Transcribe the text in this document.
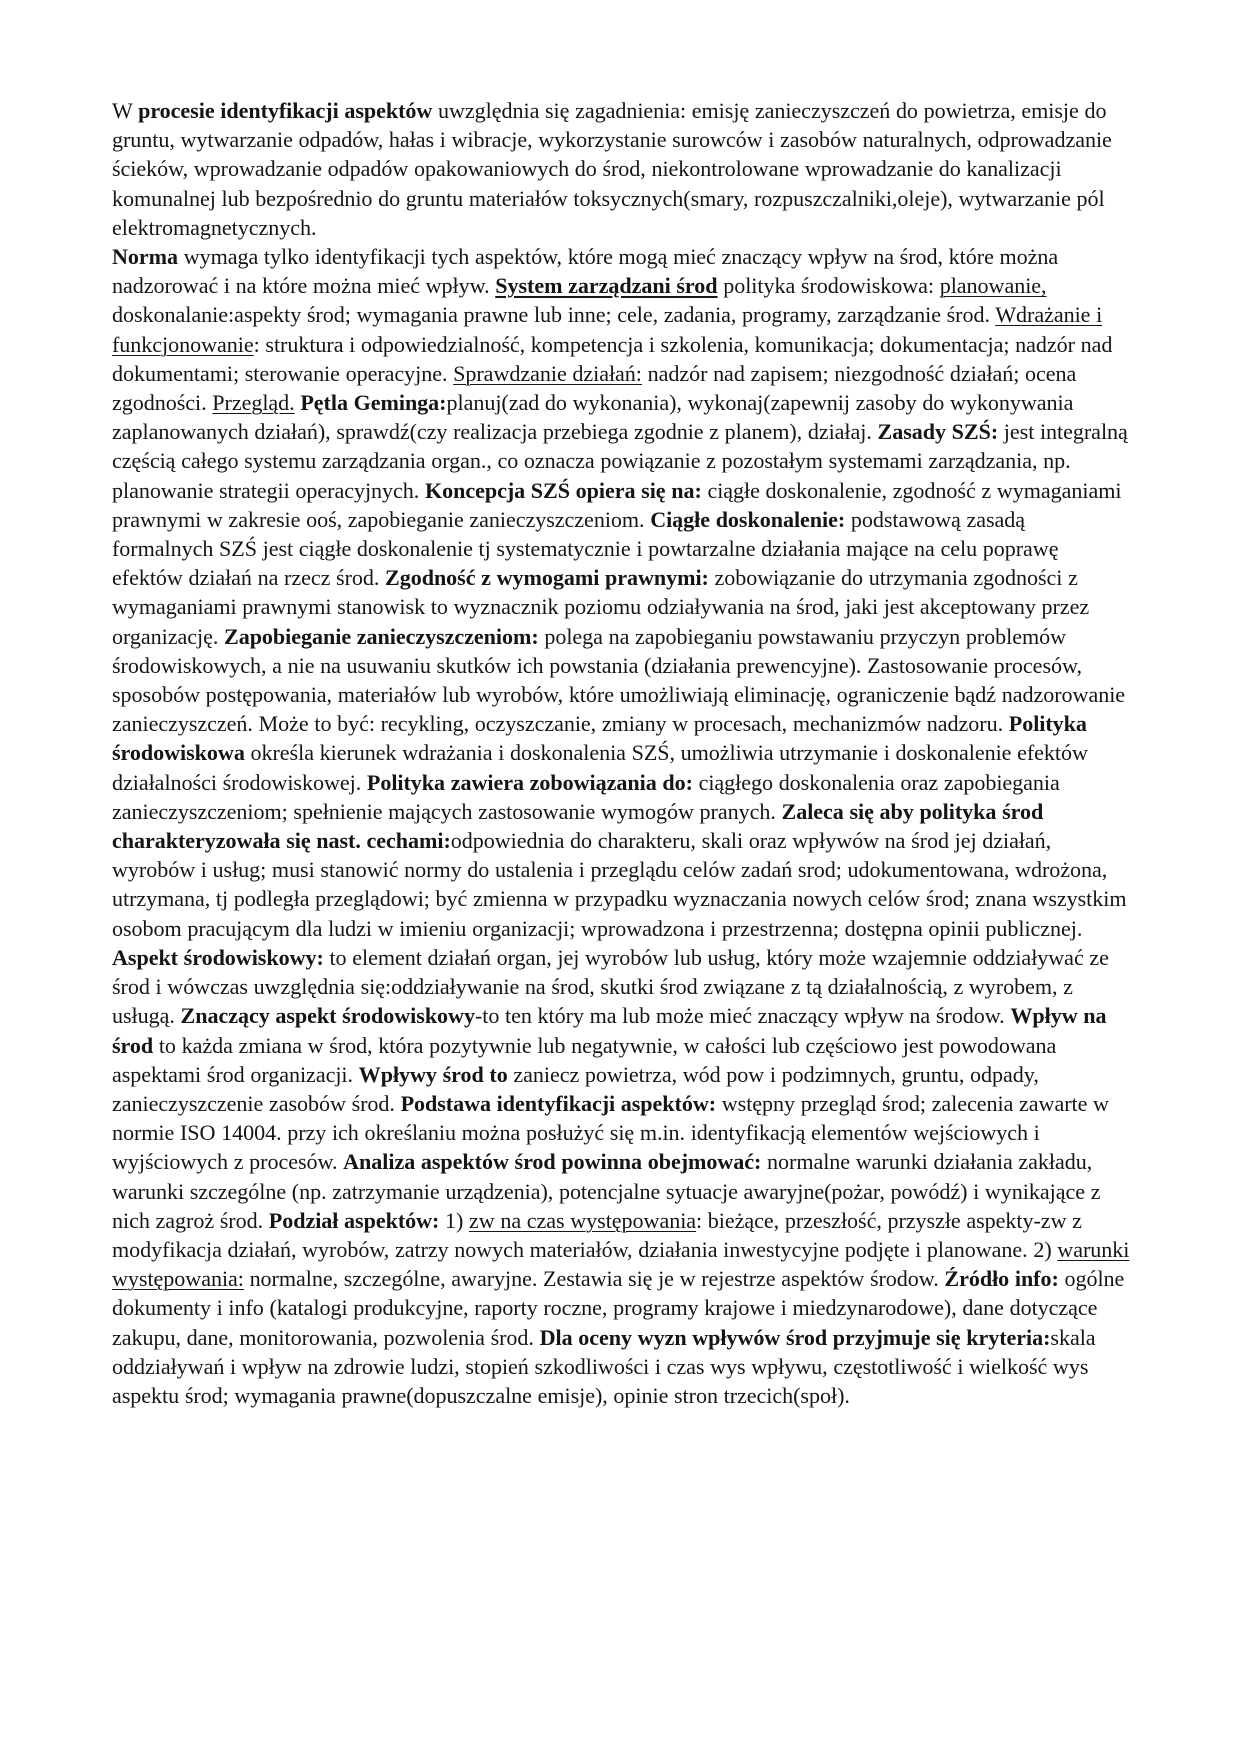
W procesie identyfikacji aspektów uwzględnia się zagadnienia: emisję zanieczyszczeń do powietrza, emisje do gruntu, wytwarzanie odpadów, hałas i wibracje, wykorzystanie surowców i zasobów naturalnych, odprowadzanie ścieków, wprowadzanie odpadów opakowaniowych do środ, niekontrolowane wprowadzanie do kanalizacji komunalnej lub bezpośrednio do gruntu materiałów toksycznych(smary, rozpuszczalniki,oleje), wytwarzanie pól elektromagnetycznych.

Norma wymaga tylko identyfikacji tych aspektów, które mogą mieć znaczący wpływ na środ, które można nadzorować i na które można mieć wpływ. System zarządzani środ polityka środowiskowa: planowanie, doskonalanie:aspekty środ; wymagania prawne lub inne; cele, zadania, programy, zarządzanie środ. Wdrażanie i funkcjonowanie: struktura i odpowiedzialność, kompetencja i szkolenia, komunikacja; dokumentacja; nadzór nad dokumentami; sterowanie operacyjne. Sprawdzanie działań: nadzór nad zapisem; niezgodność działań; ocena zgodności. Przegląd. Pętla Geminga:planuj(zad do wykonania), wykonaj(zapewnij zasoby do wykonywania zaplanowanych działań), sprawdź(czy realizacja przebiega zgodnie z planem), działaj. Zasady SZŚ: jest integralną częścią całego systemu zarządzania organ., co oznacza powiązanie z pozostałym systemami zarządzania, np. planowanie strategii operacyjnych. Koncepcja SZŚ opiera się na: ciągłe doskonalenie, zgodność z wymaganiami prawnymi w zakresie ooś, zapobieganie zanieczyszczeniom. Ciągłe doskonalenie: podstawową zasadą formalnych SZŚ jest ciągłe doskonalenie tj systematycznie i powtarzalne działania mające na celu poprawę efektów działań na rzecz środ. Zgodność z wymogami prawnymi: zobowiązanie do utrzymania zgodności z wymaganiami prawnymi stanowisk to wyznacznik poziomu odziaływania na środ, jaki jest akceptowany przez organizację. Zapobieganie zanieczyszczeniom: polega na zapobieganiu powstawaniu przyczyn problemów środowiskowych, a nie na usuwaniu skutków ich powstania (działania prewencyjne). Zastosowanie procesów, sposobów postępowania, materiałów lub wyrobów, które umożliwiają eliminację, ograniczenie bądź nadzorowanie zanieczyszczeń. Może to być: recykling, oczyszczanie, zmiany w procesach, mechanizmów nadzoru. Polityka środowiskowa określa kierunek wdrażania i doskonalenia SZŚ, umożliwia utrzymanie i doskonalenie efektów działalności środowiskowej. Polityka zawiera zobowiązania do: ciągłego doskonalenia oraz zapobiegania zanieczyszczeniom; spełnienie mających zastosowanie wymogów pranych. Zaleca się aby polityka środ charakteryzowała się nast. cechami:odpowiednia do charakteru, skali oraz wpływów na środ jej działań, wyrobów i usług; musi stanowić normy do ustalenia i przeglądu celów zadań srod; udokumentowana, wdrożona, utrzymana, tj podległa przeglądowi; być zmienna w przypadku wyznaczania nowych celów środ; znana wszystkim osobom pracującym dla ludzi w imieniu organizacji; wprowadzona i przestrzenna; dostępna opinii publicznej. Aspekt środowiskowy: to element działań organ, jej wyrobów lub usług, który może wzajemnie oddziaływać ze środ i wówczas uwzględnia się:oddziaływanie na środ, skutki środ związane z tą działalnością, z wyrobem, z usługą. Znaczący aspekt środowiskowy-to ten który ma lub może mieć znaczący wpływ na środow. Wpływ na środ to każda zmiana w środ, która pozytywnie lub negatywnie, w całości lub częściowo jest powodowana aspektami środ organizacji. Wpływy środ to zaniecz powietrza, wód pow i podzimnych, gruntu, odpady, zanieczyszczenie zasobów środ. Podstawa identyfikacji aspektów: wstępny przegląd środ; zalecenia zawarte w normie ISO 14004. przy ich określaniu można posłużyć się m.in. identyfikacją elementów wejściowych i wyjściowych z procesów. Analiza aspektów środ powinna obejmować: normalne warunki działania zakładu, warunki szczególne (np. zatrzymanie urządzenia), potencjalne sytuacje awaryjne(pożar, powódź) i wynikające z nich zagroż środ. Podział aspektów: 1) zw na czas występowania: bieżące, przeszłość, przyszłe aspekty-zw z modyfikacja działań, wyrobów, zatrzy nowych materiałów, działania inwestycyjne podjęte i planowane. 2) warunki występowania: normalne, szczególne, awaryjne. Zestawia się je w rejestrze aspektów środow. Źródło info: ogólne dokumenty i info (katalogi produkcyjne, raporty roczne, programy krajowe i miedzynarodowe), dane dotyczące zakupu, dane, monitorowania, pozwolenia środ. Dla oceny wyzn wpływów środ przyjmuje się kryteria:skala oddziaływań i wpływ na zdrowie ludzi, stopień szkodliwości i czas wys wpływu, częstotliwość i wielkość wys aspektu środ; wymagania prawne(dopuszczalne emisje), opinie stron trzecich(społ).
